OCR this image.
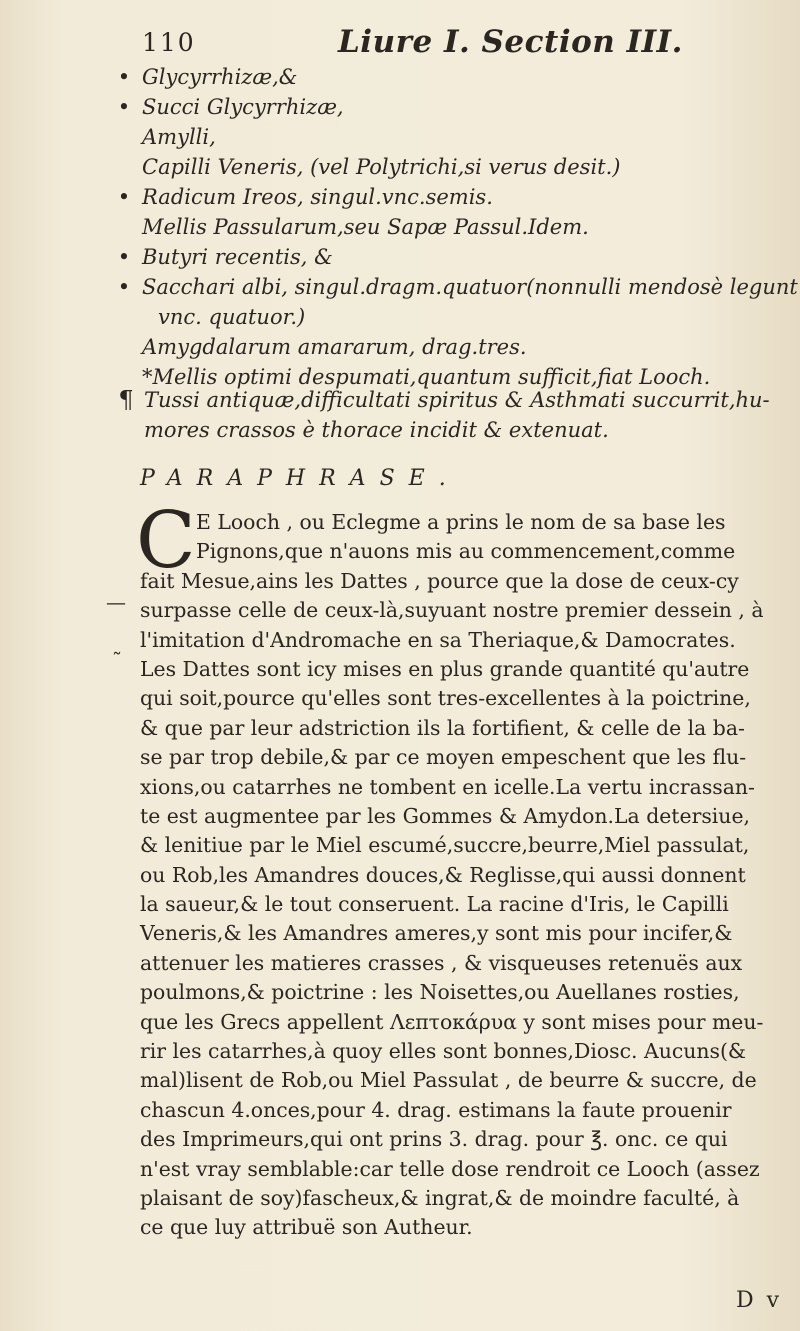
110	Liure I. Section III.
• Glycyrrhizæ,&
• Succi Glycyrrhizæ,
Amylli,
Capilli Veneris, (vel Polytrichi,si verus desit.)
• Radicum Ireos, singul.vnc.semis.
Mellis Passularum,seu Sapæ Passul.Idem.
• Butyri recentis, &
• Sacchari albi, singul.dragm.quatuor(nonnulli mendosè legunt
vnc. quatuor.)
Amygdalarum amararum, drag.tres.
*Mellis optimi despumati,quantum sufficit,fiat Looch.
¶ Tussi antiquæ,difficultati spiritus & Asthmati succurrit,hu-
mores crassos è thorace incidit & extenuat.
PARAPHRASE.
C E Looch , ou Eclegme a prins le nom de sa base les
Pignons,que n'auons mis au commencement,comme
fait Mesue,ains les Dattes , pource que la dose de ceux-cy
surpasse celle de ceux-là,suyuant nostre premier dessein , à
l'imitation d'Andromache en sa Theriaque,& Damocrates.
Les Dattes sont icy mises en plus grande quantité qu'autre
qui soit,pource qu'elles sont tres-excellentes à la poictrine,
& que par leur adstriction ils la fortifient, & celle de la ba-
se par trop debile,& par ce moyen empeschent que les flu-
xions,ou catarrhes ne tombent en icelle.La vertu incrassan-
te est augmentee par les Gommes & Amydon.La detersiue,
& lenitiue par le Miel escumé,succre,beurre,Miel passulat,
ou Rob,les Amandres douces,& Reglisse,qui aussi donnent
la saueur,& le tout conseruent. La racine d'Iris, le Capilli
Veneris,& les Amandres ameres,y sont mis pour incifer,&
attenuer les matieres crasses , & visqueuses retenuës aux
poulmons,& poictrine : les Noisettes,ou Auellanes rosties,
que les Grecs appellent Λεπτοκάρυα y sont mises pour meu-
rir les catarrhes,à quoy elles sont bonnes,Diosc. Aucuns(&
mal)lisent de Rob,ou Miel Passulat , de beurre & succre, de
chascun 4.onces,pour 4. drag. estimans la faute prouenir
des Imprimeurs,qui ont prins 3. drag. pour ℥. onc. ce qui
n'est vray semblable:car telle dose rendroit ce Looch (assez
plaisant de soy)fascheux,& ingrat,& de moindre faculté, à
ce que luy attribuë son Autheur.
—
˜
D v
